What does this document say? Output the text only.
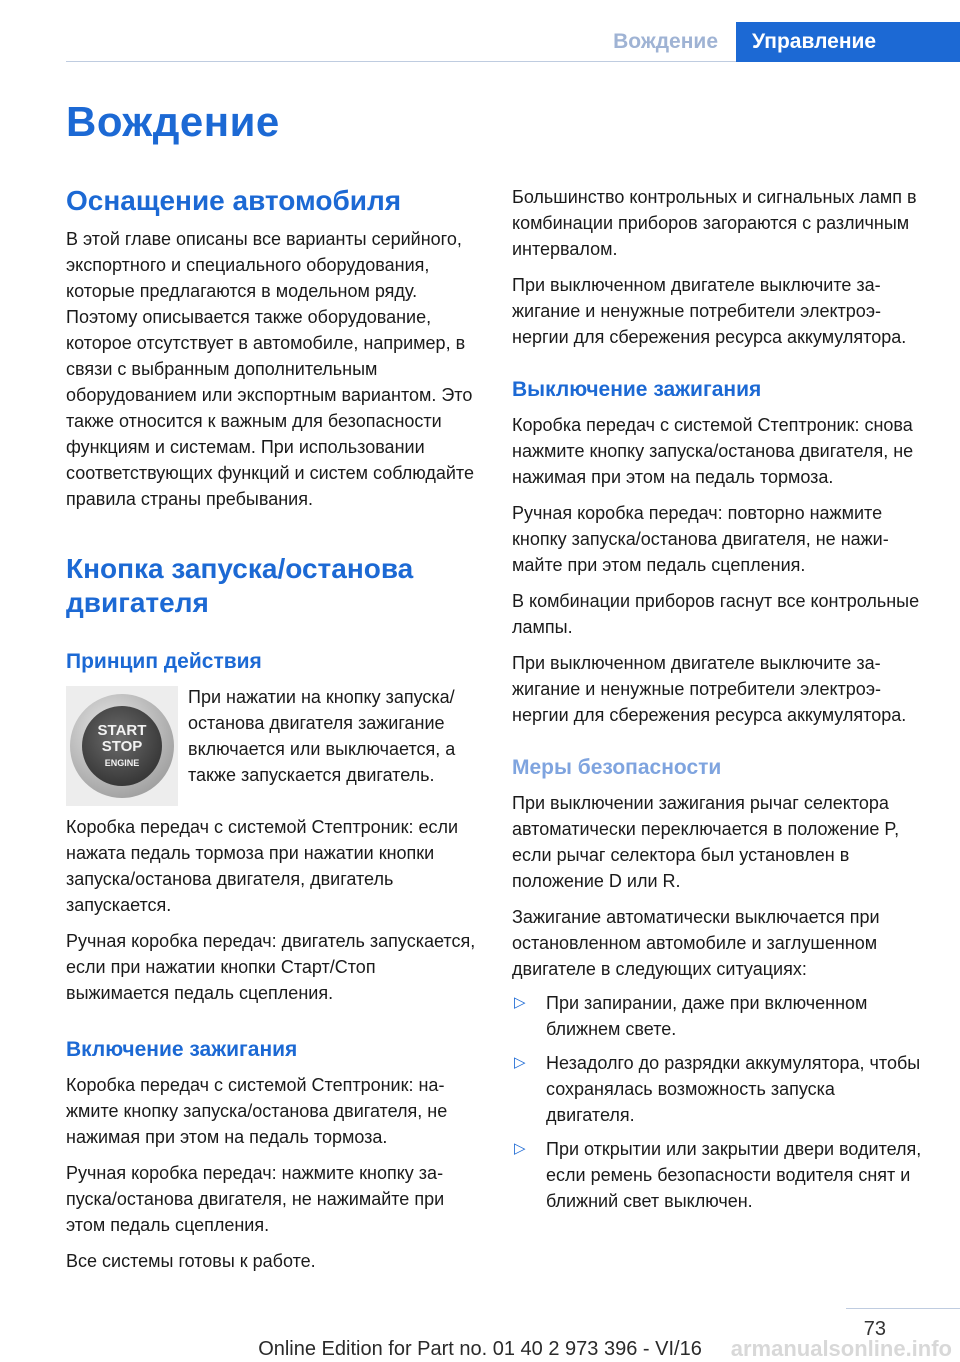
Вождение	Управление
Вождение
Оснащение автомобиля

В этой главе описаны все варианты серийного, экспортного и специального оборудования, которые предлагаются в модельном ряду. Поэтому описывается также оборудование, которое отсутствует в автомобиле, например, в связи с выбранным дополнительным оборудованием или экспортным вариантом. Это также относится к важным для безопасности функциям и системам. При использовании соответствующих функций и систем соблюдайте правила страны пребывания.

Кнопка запуска/останова двигателя
Принцип действия
START
STOP
ENGINE

При нажатии на кнопку запуска/останова двигателя зажигание включается или выключается, а также запускается двигатель.

Коробка передач с системой Стептроник: если нажата педаль тормоза при нажатии кнопки запуска/останова двигателя, двигатель запускается.

Ручная коробка передач: двигатель запускается, если при нажатии кнопки Старт/Стоп выжимается педаль сцепления.

Включение зажигания

Коробка передач с системой Стептроник: нажмите кнопку запуска/останова двигателя, не нажимая при этом на педаль тормоза.

Ручная коробка передач: нажмите кнопку запуска/останова двигателя, не нажимайте при этом педаль сцепления.

Все системы готовы к работе.

Большинство контрольных и сигнальных ламп в комбинации приборов загораются с различным интервалом.

При выключенном двигателе выключите зажигание и ненужные потребители электроэнергии для сбережения ресурса аккумулятора.

Выключение зажигания

Коробка передач с системой Стептроник: снова нажмите кнопку запуска/останова двигателя, не нажимая при этом на педаль тормоза.

Ручная коробка передач: повторно нажмите кнопку запуска/останова двигателя, не нажимайте при этом педаль сцепления.

В комбинации приборов гаснут все контрольные лампы.

При выключенном двигателе выключите зажигание и ненужные потребители электроэнергии для сбережения ресурса аккумулятора.

Меры безопасности

При выключении зажигания рычаг селектора автоматически переключается в положение P, если рычаг селектора был установлен в положение D или R.

Зажигание автоматически выключается при остановленном автомобиле и заглушенном двигателе в следующих ситуациях:

▷	При запирании, даже при включенном ближнем свете.
▷	Незадолго до разрядки аккумулятора, чтобы сохранялась возможность запуска двигателя.
▷	При открытии или закрытии двери водителя, если ремень безопасности водителя снят и ближний свет выключен.
73
Online Edition for Part no. 01 40 2 973 396 - VI/16	armanualsonline.info
